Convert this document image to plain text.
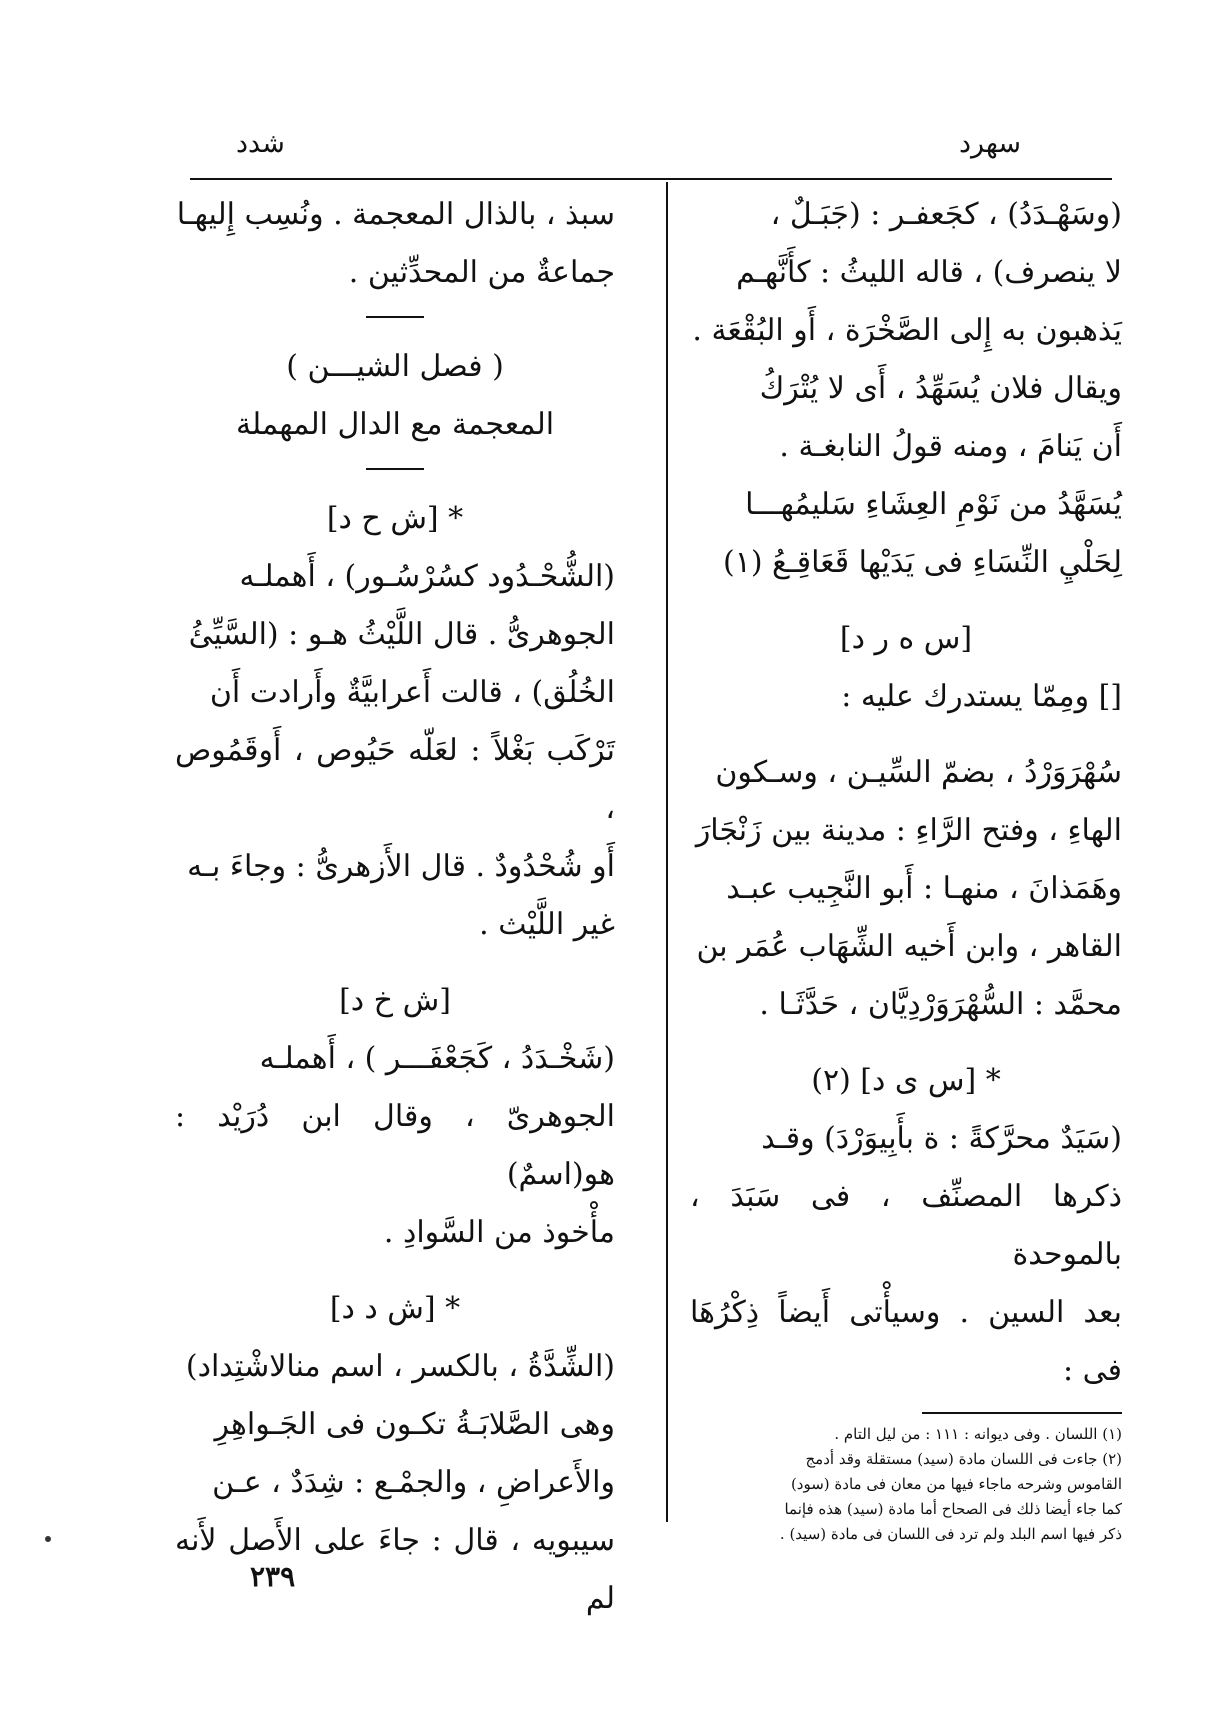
سهرد
شدد

(وسَهْـدَدُ) ، كجَعفـر : (جَبَـلٌ ،

لا ينصرف) ، قاله الليثُ : كأَنَّهـم

يَذهبون به إِلى الصَّخْرَة ، أَو البُقْعَة .

ويقال فلان يُسَهِّدُ ، أَى لا يُتْرَكُ

أَن يَنامَ ، ومنه قولُ النابغـة .

يُسَهَّدُ من نَوْمِ العِشَاءِ سَليمُهـــا

لِحَلْيِ النِّسَاءِ فى يَدَيْها قَعَاقِـعُ (١)

[س ه ر د]

[] ومِمّا يستدرك عليه :

سُهْرَوَرْدُ ، بضمّ السِّيـن ، وسـكون

الهاءِ ، وفتح الرَّاءِ : مدينة بين زَنْجَارَ

وهَمَذانَ ، منهـا : أَبو النَّجِيب عبـد

القاهر ، وابن أَخيه الشِّهَاب عُمَر بن

محمَّد : السُّهْرَوَرْدِيَّان ، حَدَّثَـا .

* [س ى د] (٢)

(سَيَدٌ محرَّكةً : ة بأَبِيوَرْدَ) وقـد

ذكرها المصنِّف ، فى سَبَدَ ، بالموحدة

بعد السين . وسيأْتى أَيضاً ذِكْرُهَا فى :

(١) اللسان . وفى ديوانه : ١١١ : من ليل التام .

(٢) جاءت فى اللسان مادة (سيد) مستقلة وقد أدمج

القاموس وشرحه ماجاء فيها من معان فى مادة (سود)

كما جاء أيضا ذلك فى الصحاح أما مادة (سيد) هذه فإنما

ذكر فيها اسم البلد ولم ترد فى اللسان فى مادة (سيد) .

سبذ ، بالذال المعجمة . ونُسِب إِليهـا

جماعةٌ من المحدِّثين .

( فصل الشيـــن )

المعجمة مع الدال المهملة

* [ش ح د]

(الشُّحْـدُود كسُرْسُـور) ، أَهملـه

الجوهرىُّ . قال اللَّيْثُ هـو : (السَّيِّئُ

الخُلُق) ، قالت أَعرابيَّةٌ وأَرادت أَن

تَرْكَب بَغْلاً : لعَلّه حَيُوص ، أَوقَمُوص ،

أَو شُحْدُودٌ . قال الأَزهرىُّ : وجاءَ بـه

غير اللَّيْث .

[ش خ د]

(شَخْـدَدُ ، كَجَعْفَـــر ) ، أَهملـه

الجوهرىّ ، وقال ابن دُرَيْد : هو(اسمٌ)

مأْخوذ من السَّوادِ .

* [ش د د]

(الشِّدَّةُ ، بالكسر ، اسم منالاشْتِداد)

وهى الصَّلابَـةُ تكـون فى الجَـواهِرِ

والأَعراضِ ، والجمْـع : شِدَدٌ ، عـن

سيبويه ، قال : جاءَ على الأَصل لأَنه لم

٢٣٩
